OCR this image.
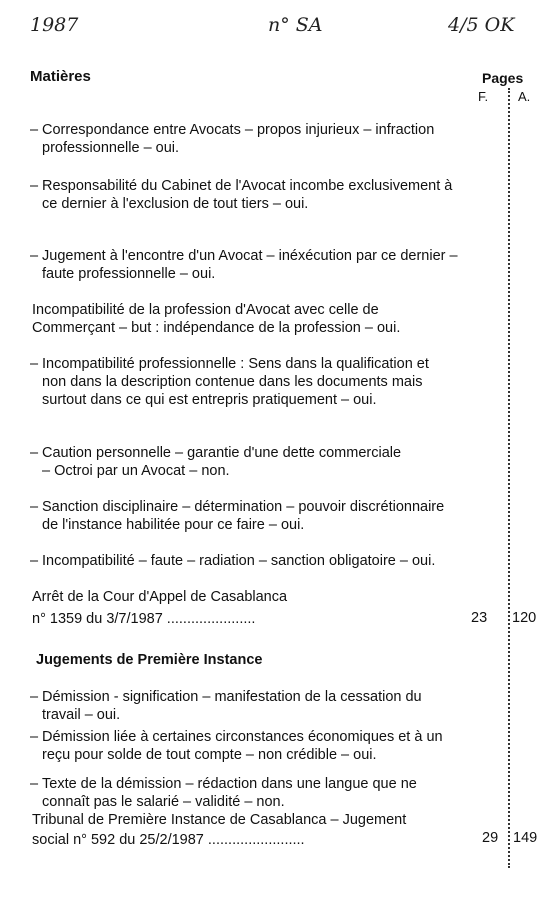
1987	n° SA	4/5 OK
Matières	Pages
F. A.
– Correspondance entre Avocats – propos injurieux – infraction professionnelle – oui.
– Responsabilité du Cabinet de l'Avocat incombe exclusivement à ce dernier à l'exclusion de tout tiers – oui.
– Jugement à l'encontre d'un Avocat – inéxécution par ce dernier – faute professionnelle – oui.
Incompatibilité de la profession d'Avocat avec celle de Commerçant – but : indépendance de la profession – oui.
– Incompatibilité professionnelle : Sens dans la qualification et non dans la description contenue dans les documents mais surtout dans ce qui est entrepris pratiquement – oui.
– Caution personnelle – garantie d'une dette commerciale – Octroi par un Avocat – non.
– Sanction disciplinaire – détermination – pouvoir discrétionnaire de l'instance habilitée pour ce faire – oui.
– Incompatibilité – faute – radiation – sanction obligatoire – oui.
Arrêt de la Cour d'Appel de Casablanca
n° 1359 du 3/7/1987 ......................	23 120
Jugements de Première Instance
– Démission - signification – manifestation de la cessation du travail – oui.
– Démission liée à certaines circonstances économiques et à un reçu pour solde de tout compte – non crédible – oui.
– Texte de la démission – rédaction dans une langue que ne connaît pas le salarié – validité – non.
Tribunal de Première Instance de Casablanca – Jugement
social n° 592 du 25/2/1987 ........................	29 149
